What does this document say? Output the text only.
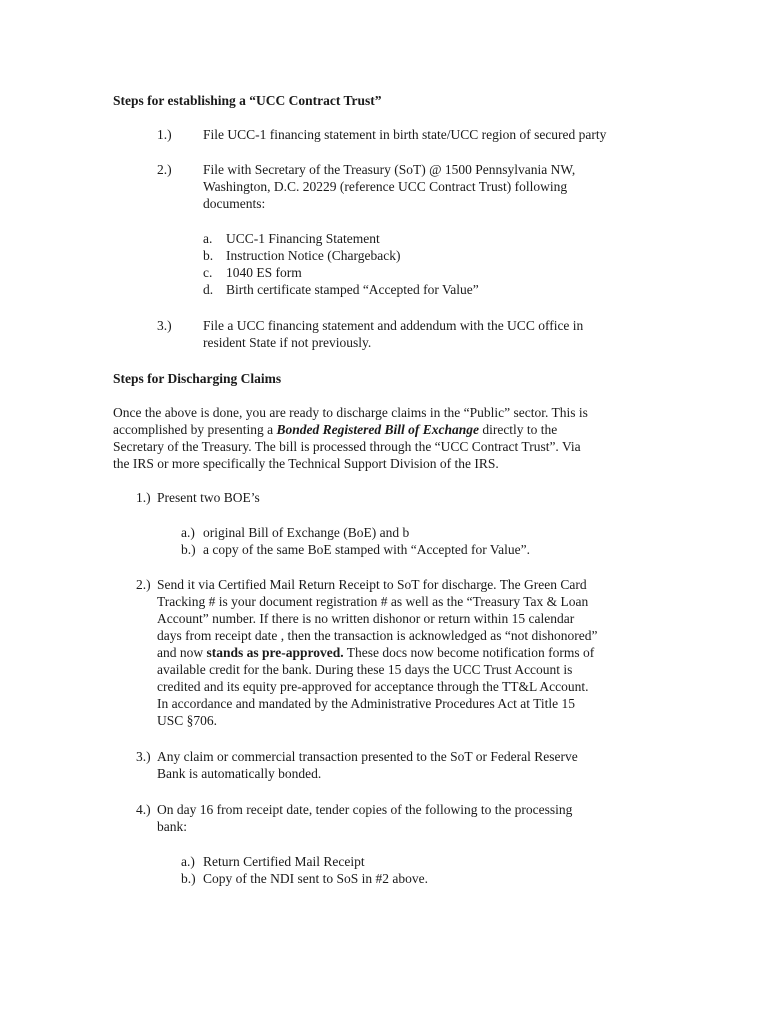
Steps for establishing a “UCC Contract Trust”
1.) File UCC-1 financing statement in birth state/UCC region of secured party
2.) File with Secretary of the Treasury (SoT) @ 1500 Pennsylvania NW,
Washington, D.C. 20229 (reference UCC Contract Trust) following
documents:
a. UCC-1 Financing Statement
b. Instruction Notice (Chargeback)
c. 1040 ES form
d. Birth certificate stamped “Accepted for Value”
3.) File a UCC financing statement and addendum with the UCC office in
resident State if not previously.
Steps for Discharging Claims
Once the above is done, you are ready to discharge claims in the “Public” sector. This is
accomplished by presenting a Bonded Registered Bill of Exchange directly to the
Secretary of the Treasury. The bill is processed through the “UCC Contract Trust”. Via
the IRS or more specifically the Technical Support Division of the IRS.
1.) Present two BOE’s
a.) original Bill of Exchange (BoE) and b
b.) a copy of the same BoE stamped with “Accepted for Value”.
2.) Send it via Certified Mail Return Receipt to SoT for discharge. The Green Card
Tracking # is your document registration # as well as the “Treasury Tax & Loan
Account” number. If there is no written dishonor or return within 15 calendar
days from receipt date , then the transaction is acknowledged as “not dishonored”
and now stands as pre-approved. These docs now become notification forms of
available credit for the bank. During these 15 days the UCC Trust Account is
credited and its equity pre-approved for acceptance through the TT&L Account.
In accordance and mandated by the Administrative Procedures Act at Title 15
USC §706.
3.) Any claim or commercial transaction presented to the SoT or Federal Reserve
Bank is automatically bonded.
4.) On day 16 from receipt date, tender copies of the following to the processing
bank:
a.) Return Certified Mail Receipt
b.) Copy of the NDI sent to SoS in #2 above.
